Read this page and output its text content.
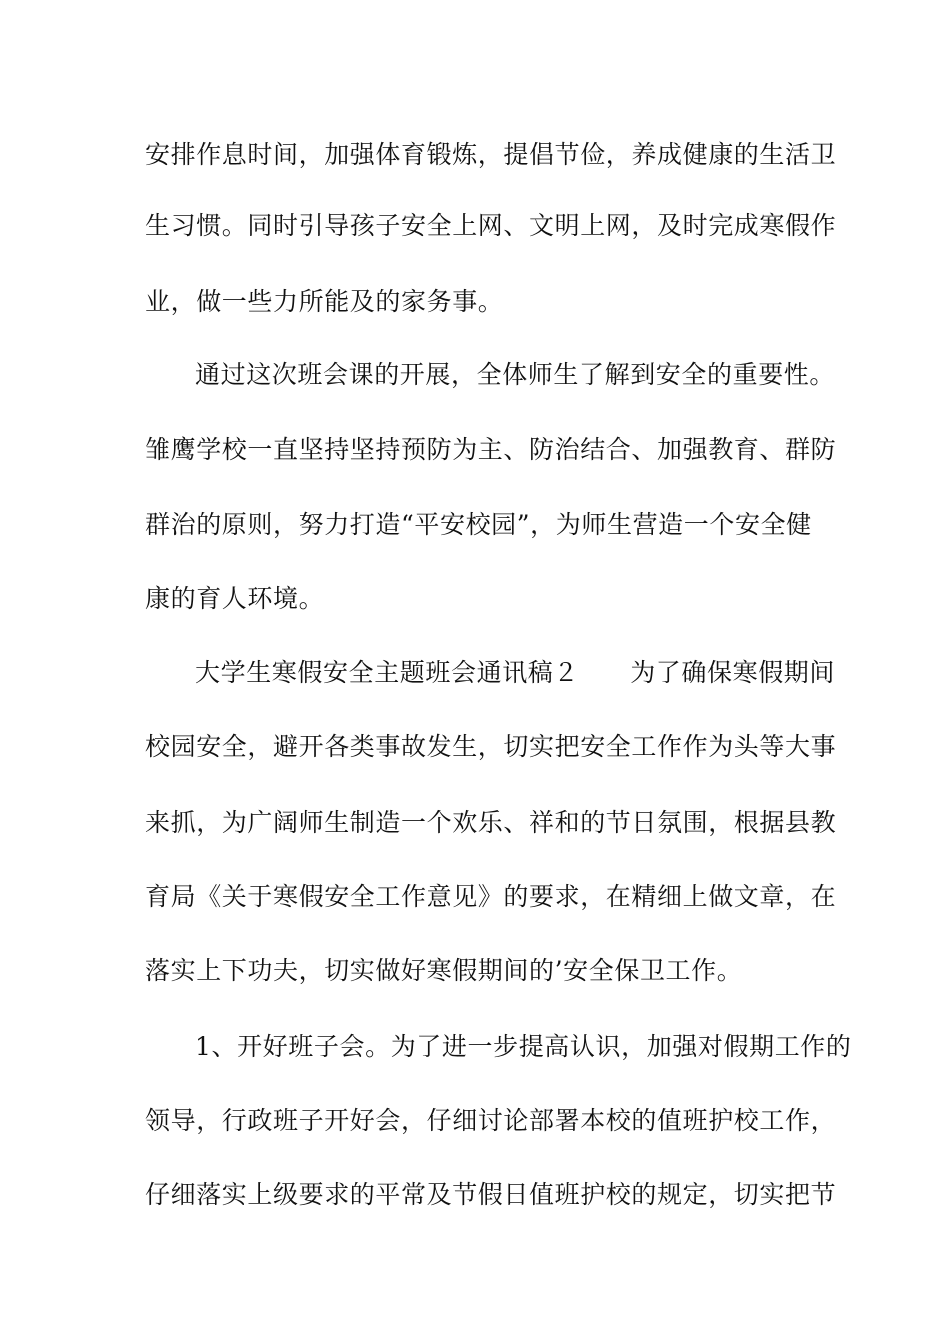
安排作息时间，加强体育锻炼，提倡节俭，养成健康的生活卫
生习惯。同时引导孩子安全上网、文明上网，及时完成寒假作
业，做一些力所能及的家务事。
通过这次班会课的开展，全体师生了解到安全的重要性。
雏鹰学校一直坚持坚持预防为主、防治结合、加强教育、群防
群治的原则，努力打造“平安校园”，为师生营造一个安全健
康的育人环境。
大学生寒假安全主题班会通讯稿２　　为了确保寒假期间
校园安全，避开各类事故发生，切实把安全工作作为头等大事
来抓，为广阔师生制造一个欢乐、祥和的节日氛围，根据县教
育局《关于寒假安全工作意见》的要求，在精细上做文章，在
落实上下功夫，切实做好寒假期间的’安全保卫工作。
1、开好班子会。为了进一步提高认识，加强对假期工作的
领导，行政班子开好会，仔细讨论部署本校的值班护校工作，
仔细落实上级要求的平常及节假日值班护校的规定，切实把节
